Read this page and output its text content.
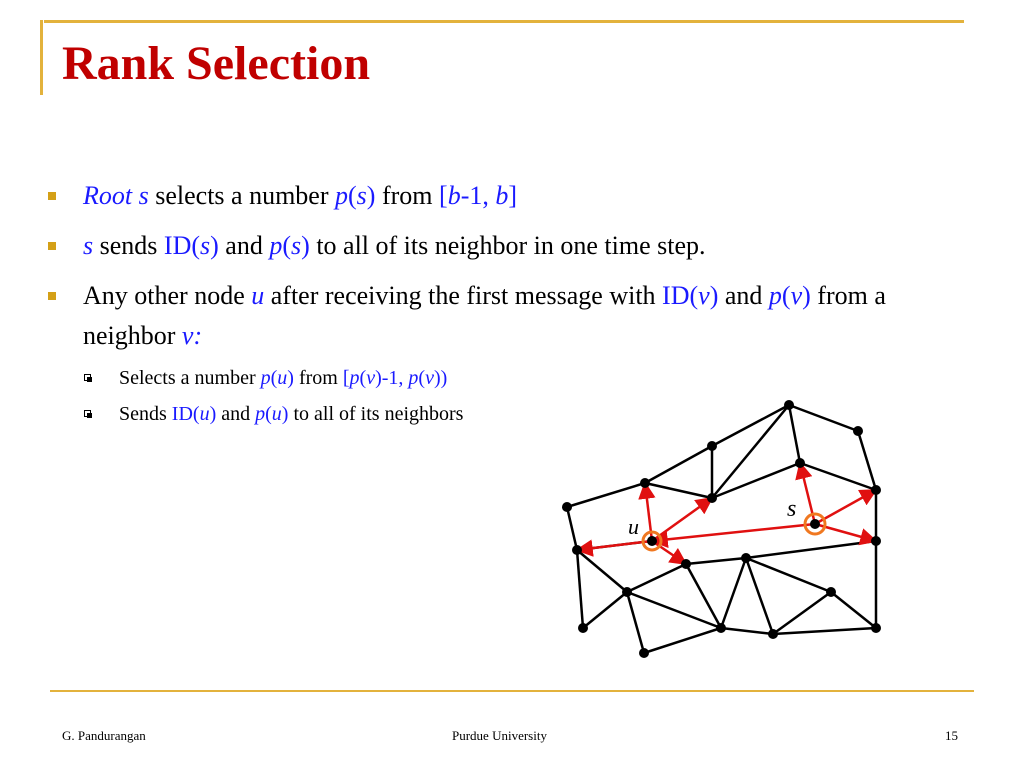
Rank Selection
Root s selects a number p(s) from [b-1, b]
s sends ID(s) and p(s) to all of its neighbor in one time step.
Any other node u after receiving the first message with ID(v) and p(v) from a neighbor v:
Selects a number p(u) from [p(v)-1, p(v))
Sends ID(u) and p(u) to all of its neighbors
u
s
G. Pandurangan	Purdue University	15
